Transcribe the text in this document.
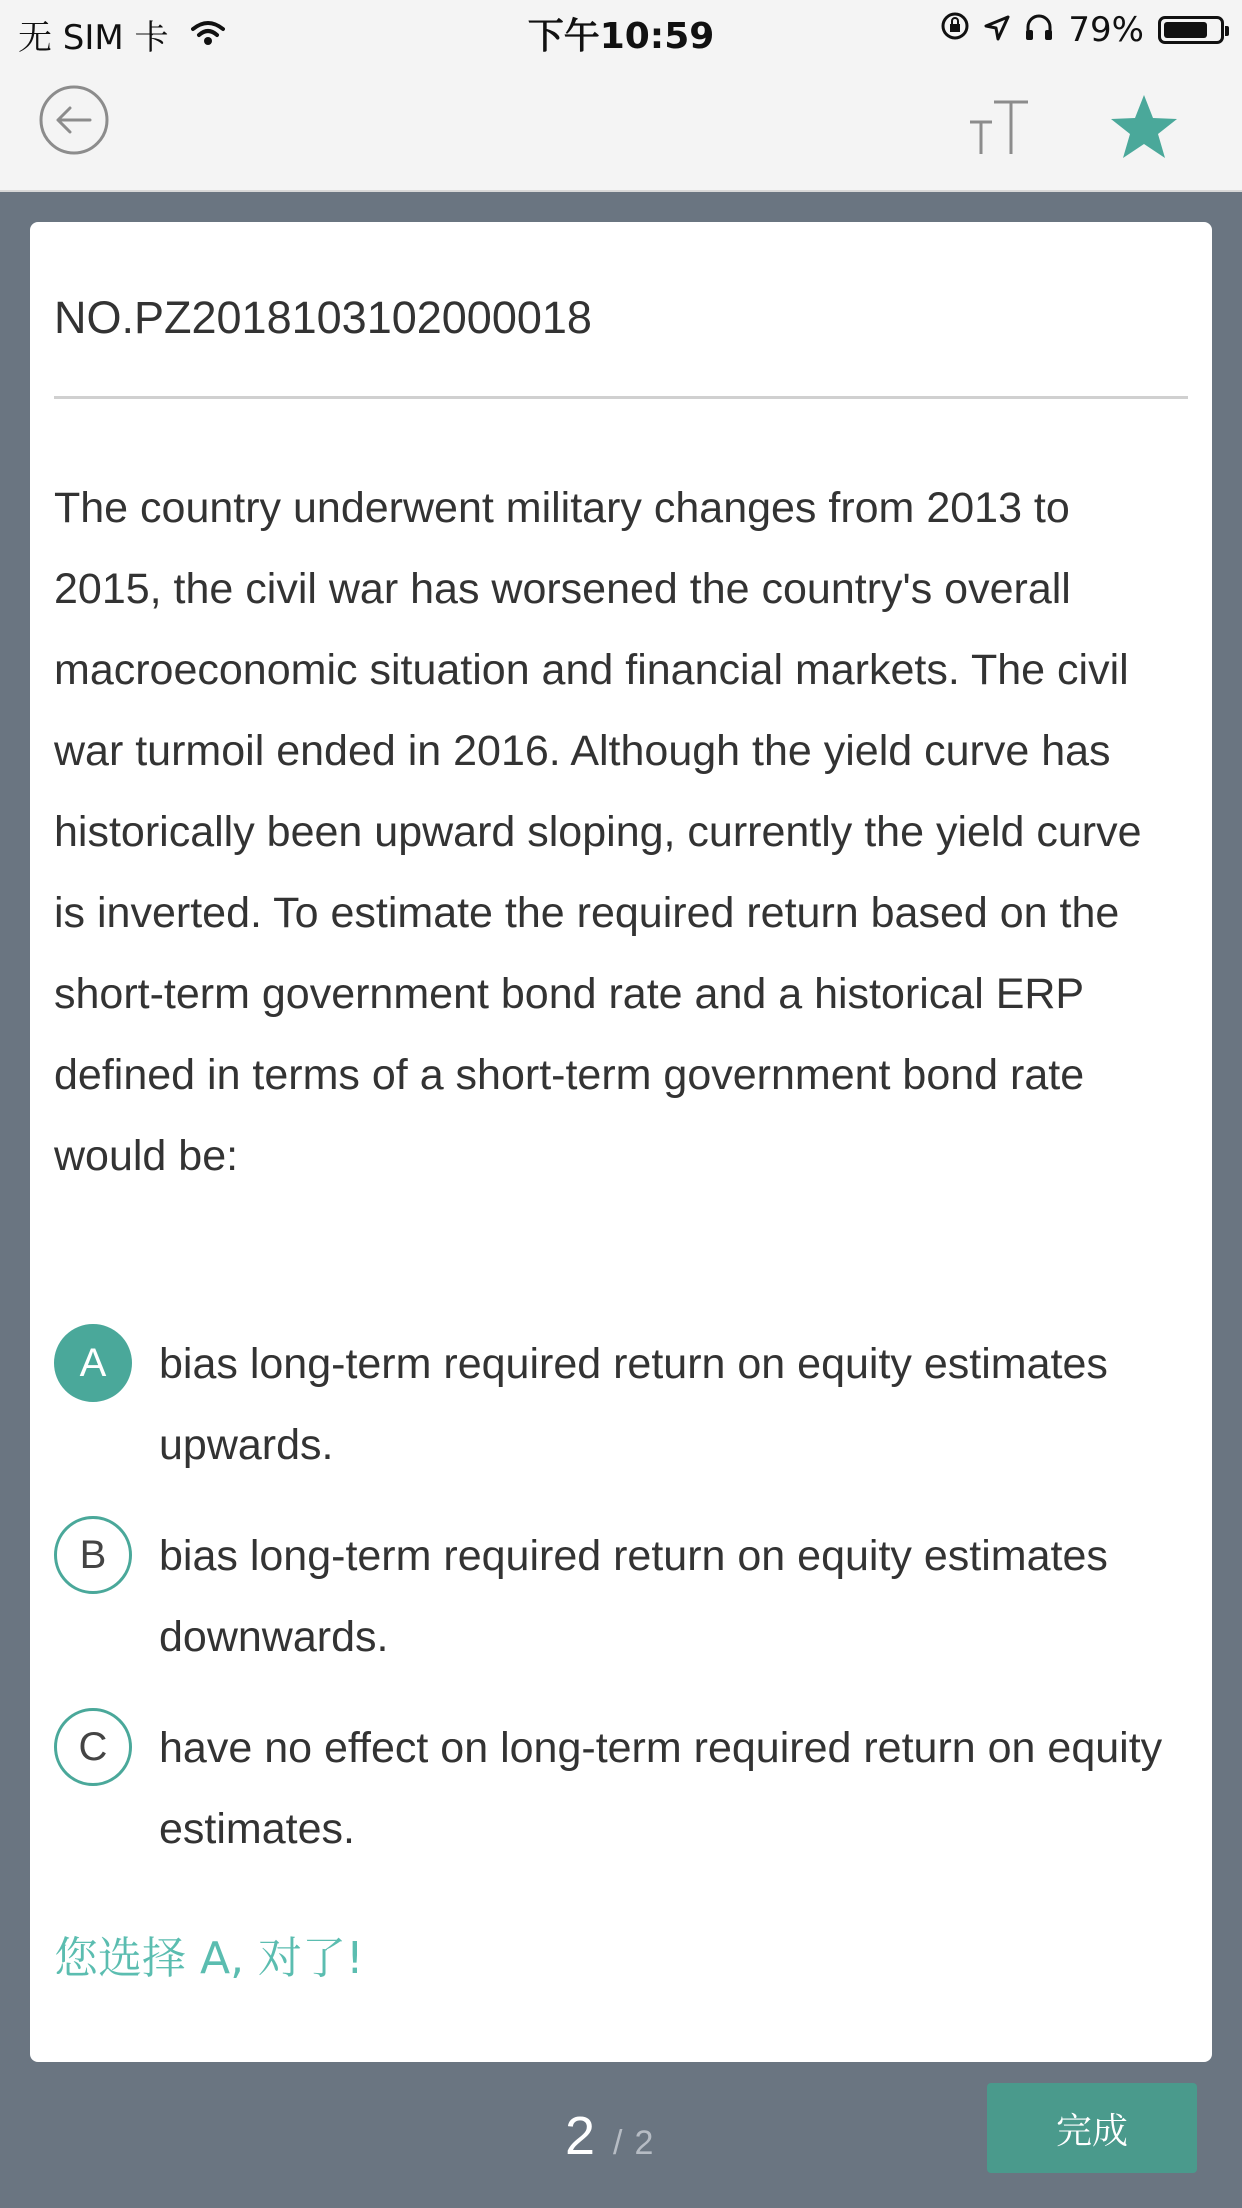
无 SIM 卡	下午10:59	79%
NO.PZ2018103102000018
The country underwent military changes from 2013 to 2015, the civil war has worsened the country's overall macroeconomic situation and financial markets. The civil war turmoil ended in 2016. Although the yield curve has historically been upward sloping, currently the yield curve is inverted. To estimate the required return based on the short-term government bond rate and a historical ERP defined in terms of a short-term government bond rate would be:
A	bias long-term required return on equity estimates upwards.
B	bias long-term required return on equity estimates downwards.
C	have no effect on long-term required return on equity estimates.
您选择 A, 对了!
2 / 2	完成
